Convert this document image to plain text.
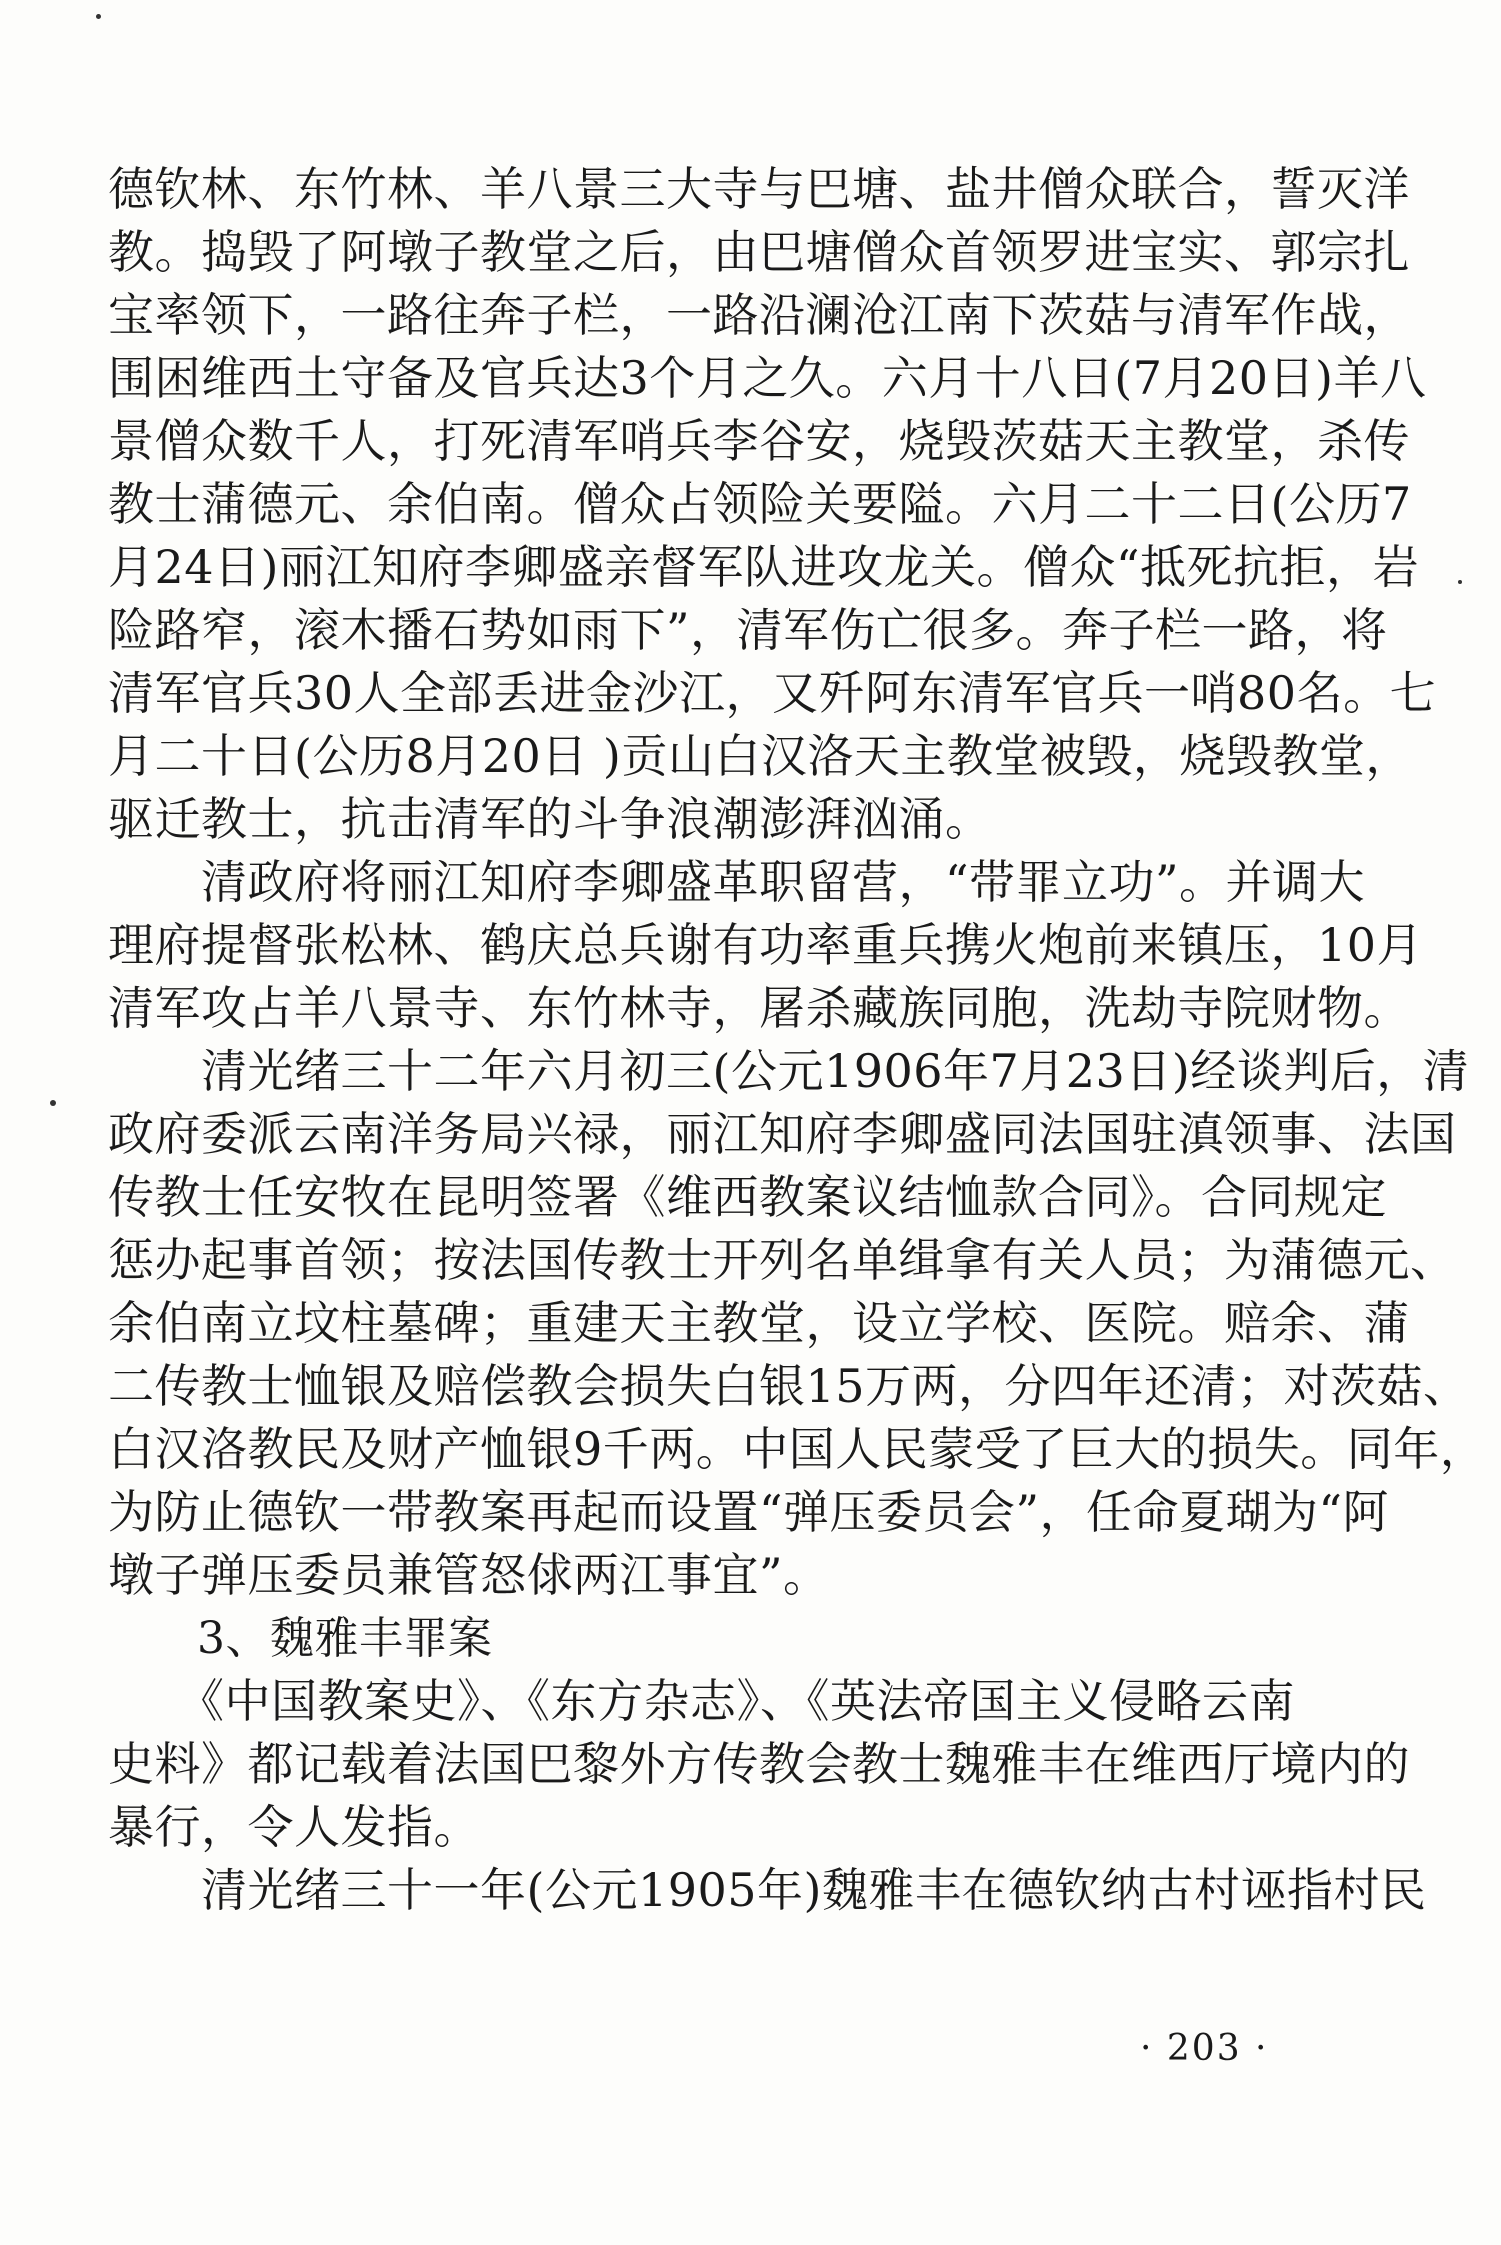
德钦林、东竹林、羊八景三大寺与巴塘、盐井僧众联合，誓灭洋
教。捣毁了阿墩子教堂之后，由巴塘僧众首领罗进宝实、郭宗扎
宝率领下，一路往奔子栏，一路沿澜沧江南下茨菇与清军作战，
围困维西土守备及官兵达3个月之久。六月十八日(7月20日)羊八
景僧众数千人，打死清军哨兵李谷安，烧毁茨菇天主教堂，杀传
教士蒲德元、余伯南。僧众占领险关要隘。六月二十二日(公历7
月24日)丽江知府李卿盛亲督军队进攻龙关。僧众“抵死抗拒，岩
险路窄，滚木播石势如雨下”，清军伤亡很多。奔子栏一路，将
清军官兵30人全部丢进金沙江，又歼阿东清军官兵一哨80名。七
月二十日(公历8月20日 )贡山白汉洛天主教堂被毁，烧毁教堂，
驱迁教士，抗击清军的斗争浪潮澎湃汹涌。
　　清政府将丽江知府李卿盛革职留营，“带罪立功”。并调大
理府提督张松林、鹤庆总兵谢有功率重兵携火炮前来镇压，10月
清军攻占羊八景寺、东竹林寺，屠杀藏族同胞，洗劫寺院财物。
　　清光绪三十二年六月初三(公元1906年7月23日)经谈判后，清
政府委派云南洋务局兴禄，丽江知府李卿盛同法国驻滇领事、法国
传教士任安牧在昆明签署《维西教案议结恤款合同》。合同规定
惩办起事首领；按法国传教士开列名单缉拿有关人员；为蒲德元、
余伯南立坟柱墓碑；重建天主教堂，设立学校、医院。赔余、蒲
二传教士恤银及赔偿教会损失白银15万两，分四年还清；对茨菇、
白汉洛教民及财产恤银9千两。中国人民蒙受了巨大的损失。同年，
为防止德钦一带教案再起而设置“弹压委员会”，任命夏瑚为“阿
墩子弹压委员兼管怒俅两江事宜”。
　　3、魏雅丰罪案
　　《中国教案史》、《东方杂志》、《英法帝国主义侵略云南
史料》都记载着法国巴黎外方传教会教士魏雅丰在维西厅境内的
暴行，令人发指。
　　清光绪三十一年(公元1905年)魏雅丰在德钦纳古村诬指村民
· 203 ·
